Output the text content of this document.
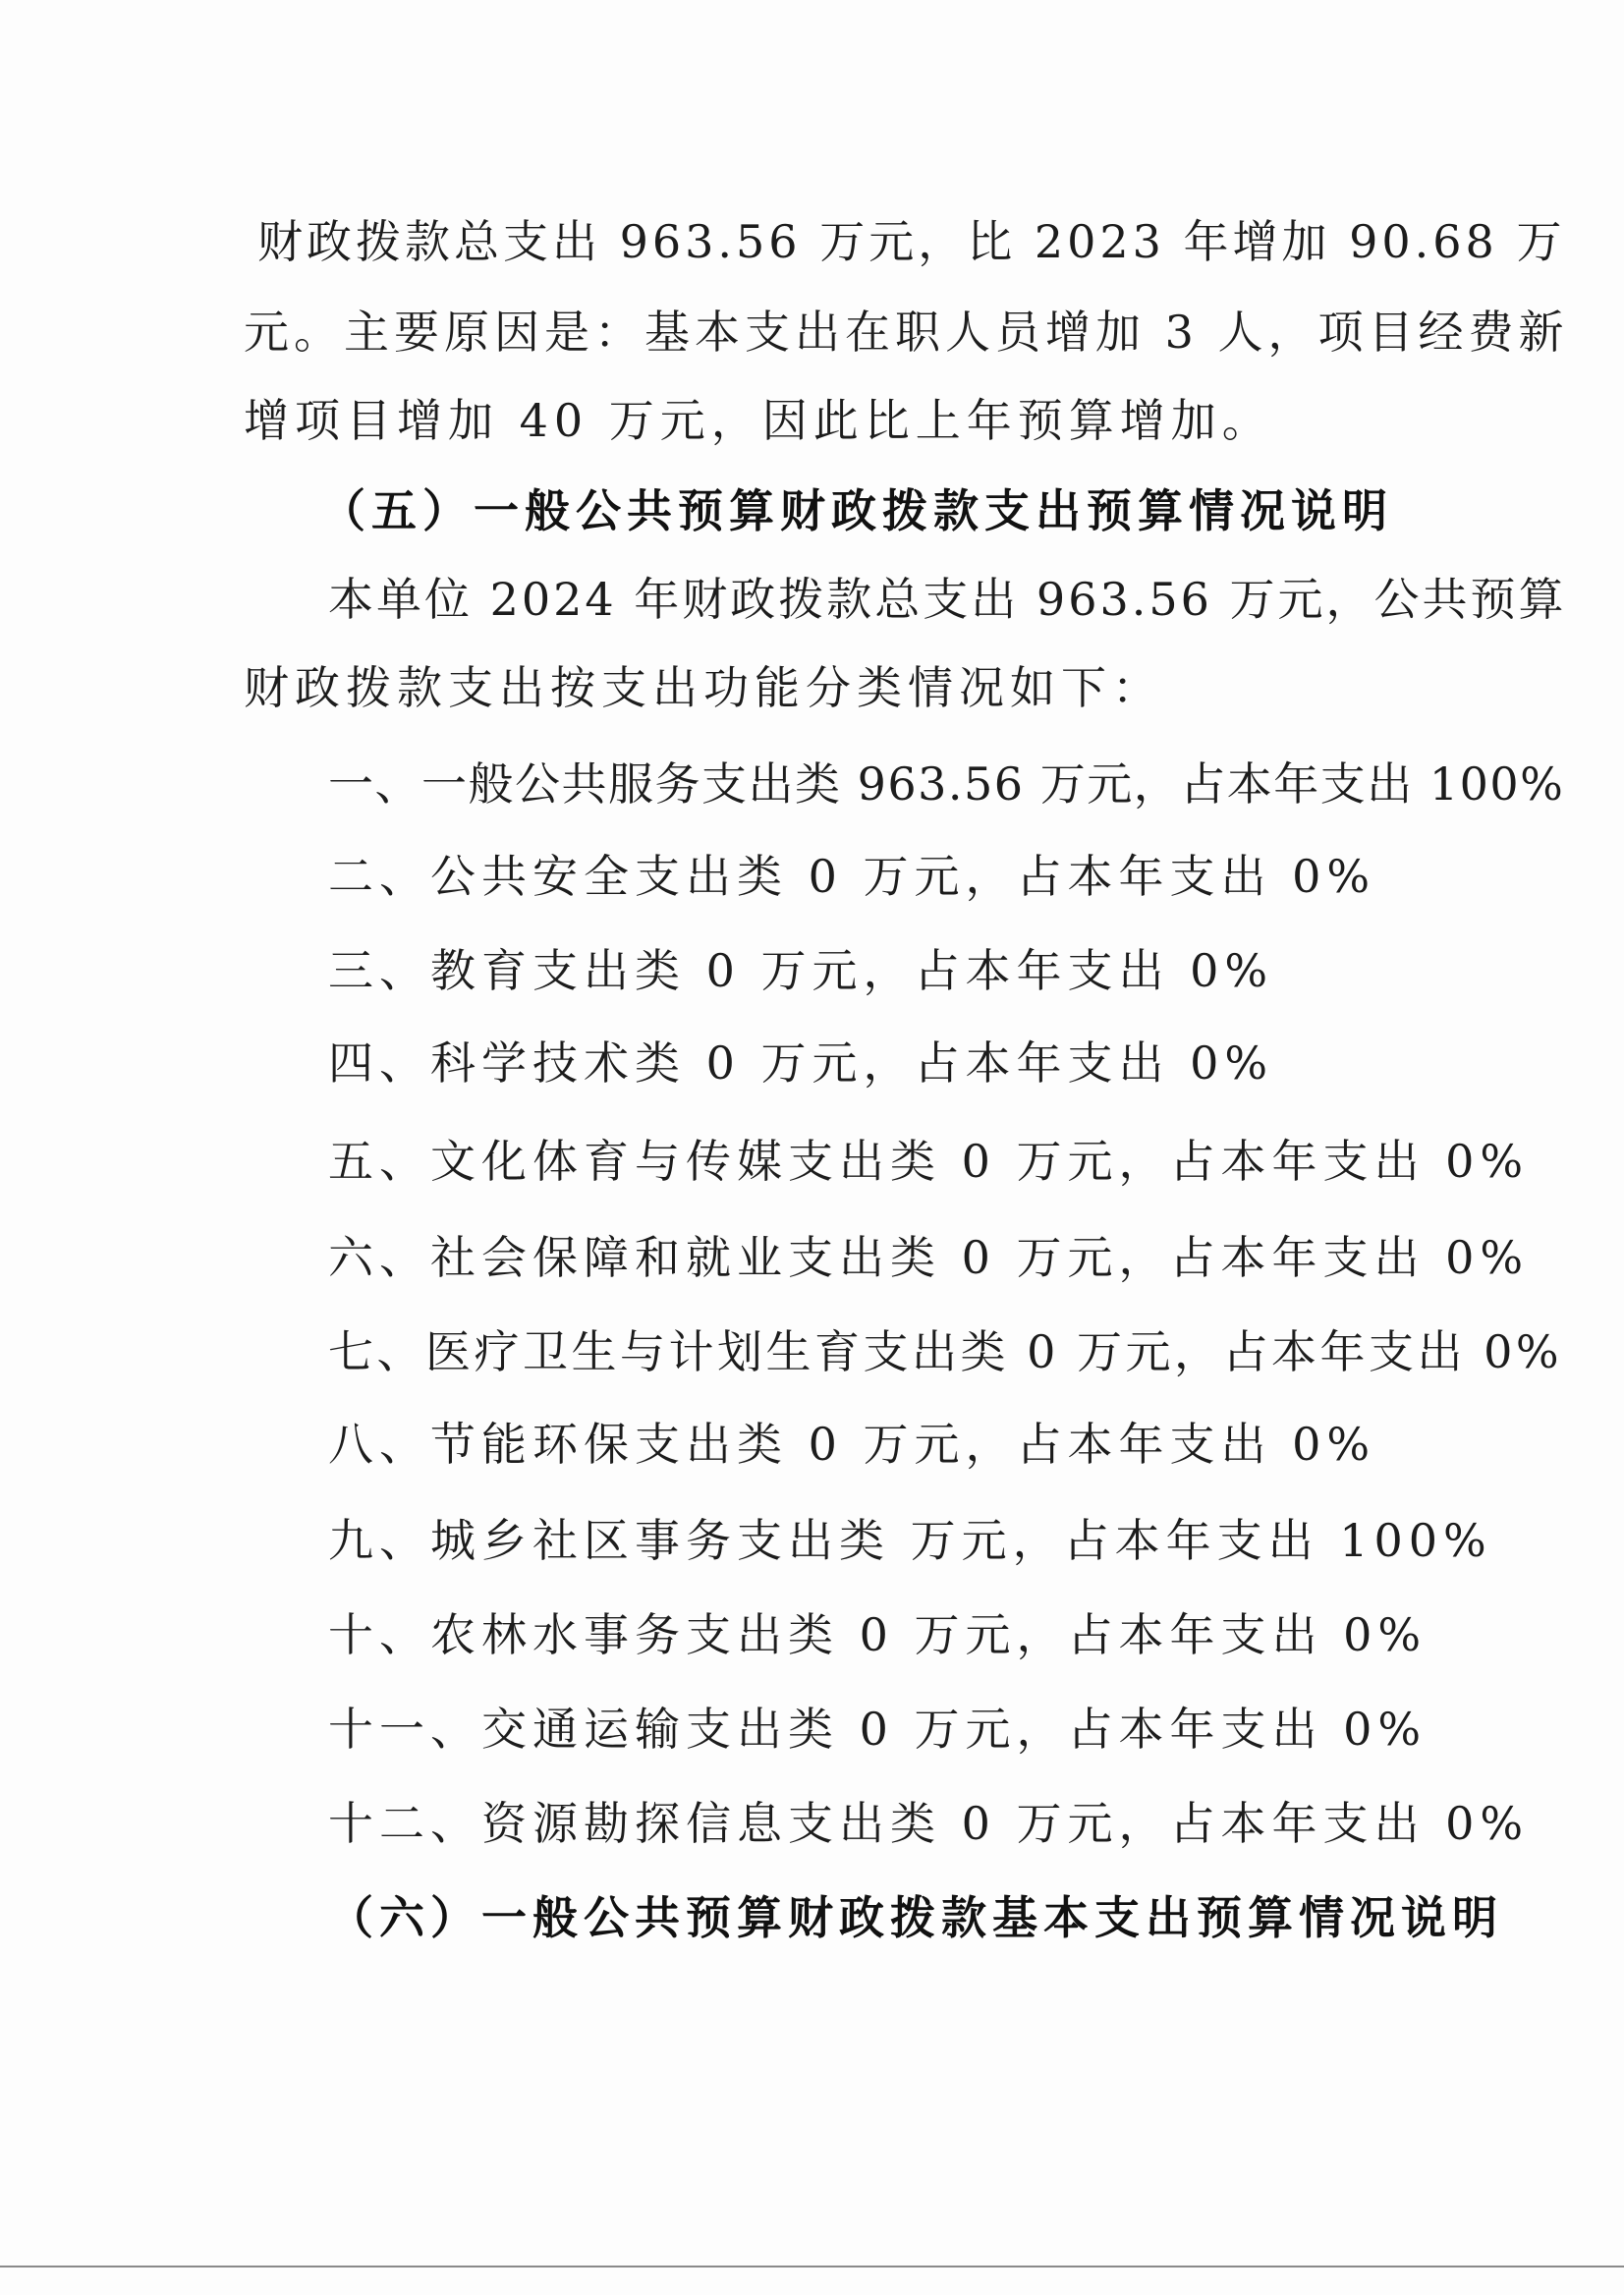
财政拨款总支出 963.56 万元，比 2023 年增加 90.68 万
元。主要原因是：基本支出在职人员增加 3 人，项目经费新
增项目增加 40 万元，因此比上年预算增加。
（五）一般公共预算财政拨款支出预算情况说明
本单位 2024 年财政拨款总支出 963.56 万元，公共预算
财政拨款支出按支出功能分类情况如下：
一、一般公共服务支出类 963.56 万元，占本年支出 100%
二、公共安全支出类 0 万元，占本年支出 0%
三、教育支出类 0 万元，占本年支出 0%
四、科学技术类 0 万元，占本年支出 0%
五、文化体育与传媒支出类 0 万元，占本年支出 0%
六、社会保障和就业支出类 0 万元，占本年支出 0%
七、医疗卫生与计划生育支出类 0 万元，占本年支出 0%
八、节能环保支出类 0 万元，占本年支出 0%
九、城乡社区事务支出类 万元，占本年支出 100%
十、农林水事务支出类 0 万元，占本年支出 0%
十一、交通运输支出类 0 万元，占本年支出 0%
十二、资源勘探信息支出类 0 万元，占本年支出 0%
（六）一般公共预算财政拨款基本支出预算情况说明
